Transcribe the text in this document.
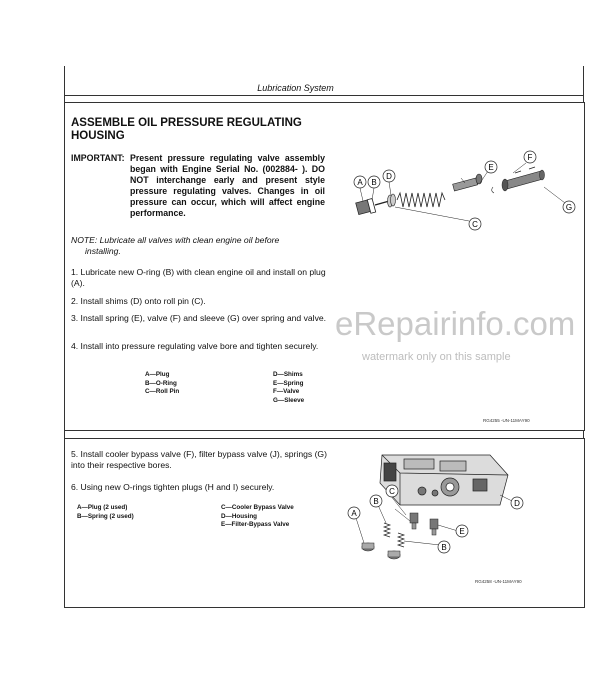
Lubrication System
ASSEMBLE OIL PRESSURE REGULATING HOUSING
IMPORTANT: Present pressure regulating valve assembly began with Engine Serial No. (002884- ). DO NOT interchange early and present style pressure regulating valves. Changes in oil pressure can occur, which will affect engine performance.
NOTE: Lubricate all valves with clean engine oil before
installing.
1. Lubricate new O-ring (B) with clean engine oil and install on plug (A).
2. Install shims (D) onto roll pin (C).
3. Install spring (E), valve (F) and sleeve (G) over spring and valve.
4. Install into pressure regulating valve bore and tighten securely.
A—Plug
B—O-Ring
C—Roll Pin
D—Shims
E—Spring
F—Valve
G—Sleeve
RG4255 -UN-11MAY90
A B
C
D
E
F
G
5. Install cooler bypass valve (F), filter bypass valve (J), springs (G) into their respective bores.
6. Using new O-rings tighten plugs (H and I) securely.
A—Plug (2 used)
B—Spring (2 used)
C—Cooler Bypass Valve
D—Housing
E—Filter-Bypass Valve
RG4258 -UN-11MAY90
A
B
B
C
D
E
eRepairinfo.com
watermark only on this sample
